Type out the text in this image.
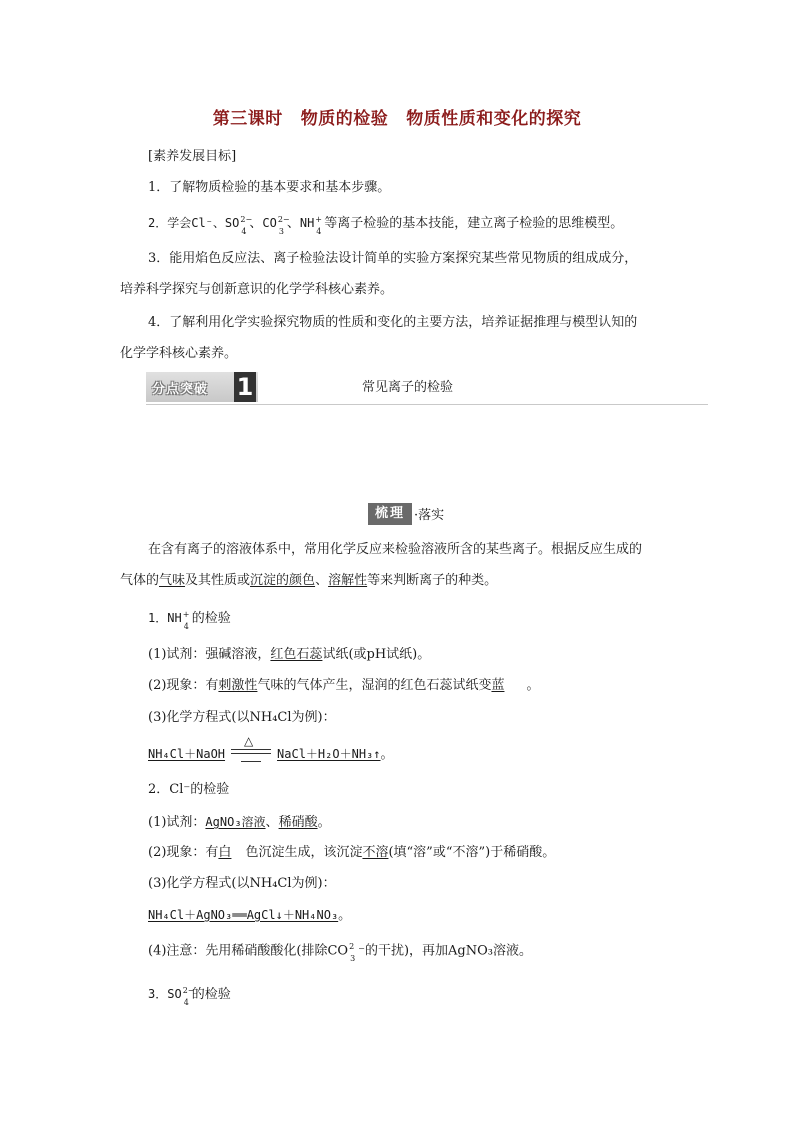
第三课时 物质的检验 物质性质和变化的探究
[素养发展目标]
1．了解物质检验的基本要求和基本步骤。
2．学会Cl⁻、SO 2−
4 、CO 2−
3 、NH +
4 等离子检验的基本技能，建立离子检验的思维模型。
3．能用焰色反应法、离子检验法设计简单的实验方案探究某些常见物质的组成成分，
培养科学探究与创新意识的化学学科核心素养。
4．了解利用化学实验探究物质的性质和变化的主要方法，培养证据推理与模型认知的
化学学科核心素养。
分点突破 1	常见离子的检验
梳理 ·落实
在含有离子的溶液体系中，常用化学反应来检验溶液所含的某些离子。根据反应生成的
气体的气味及其性质或沉淀的颜色、溶解性等来判断离子的种类。
1．NH +
4 的检验
(1)试剂：强碱溶液，红色石蕊试纸(或pH试纸)。
(2)现象：有刺激性气味的气体产生，湿润的红色石蕊试纸变蓝 。
(3)化学方程式(以NH₄Cl为例)：
NH₄Cl＋NaOH
△
NaCl＋H₂O＋NH₃↑。
2．Cl⁻的检验
(1)试剂：AgNO₃溶液、稀硝酸。
(2)现象：有白 色沉淀生成，该沉淀不溶(填“溶”或“不溶”)于稀硝酸。
(3)化学方程式(以NH₄Cl为例)：
NH₄Cl＋AgNO₃══AgCl↓＋NH₄NO₃。
(4)注意：先用稀硝酸酸化(排除CO 2
3 ⁻的干扰)，再加AgNO₃溶液。
3．SO 2−
4 的检验
